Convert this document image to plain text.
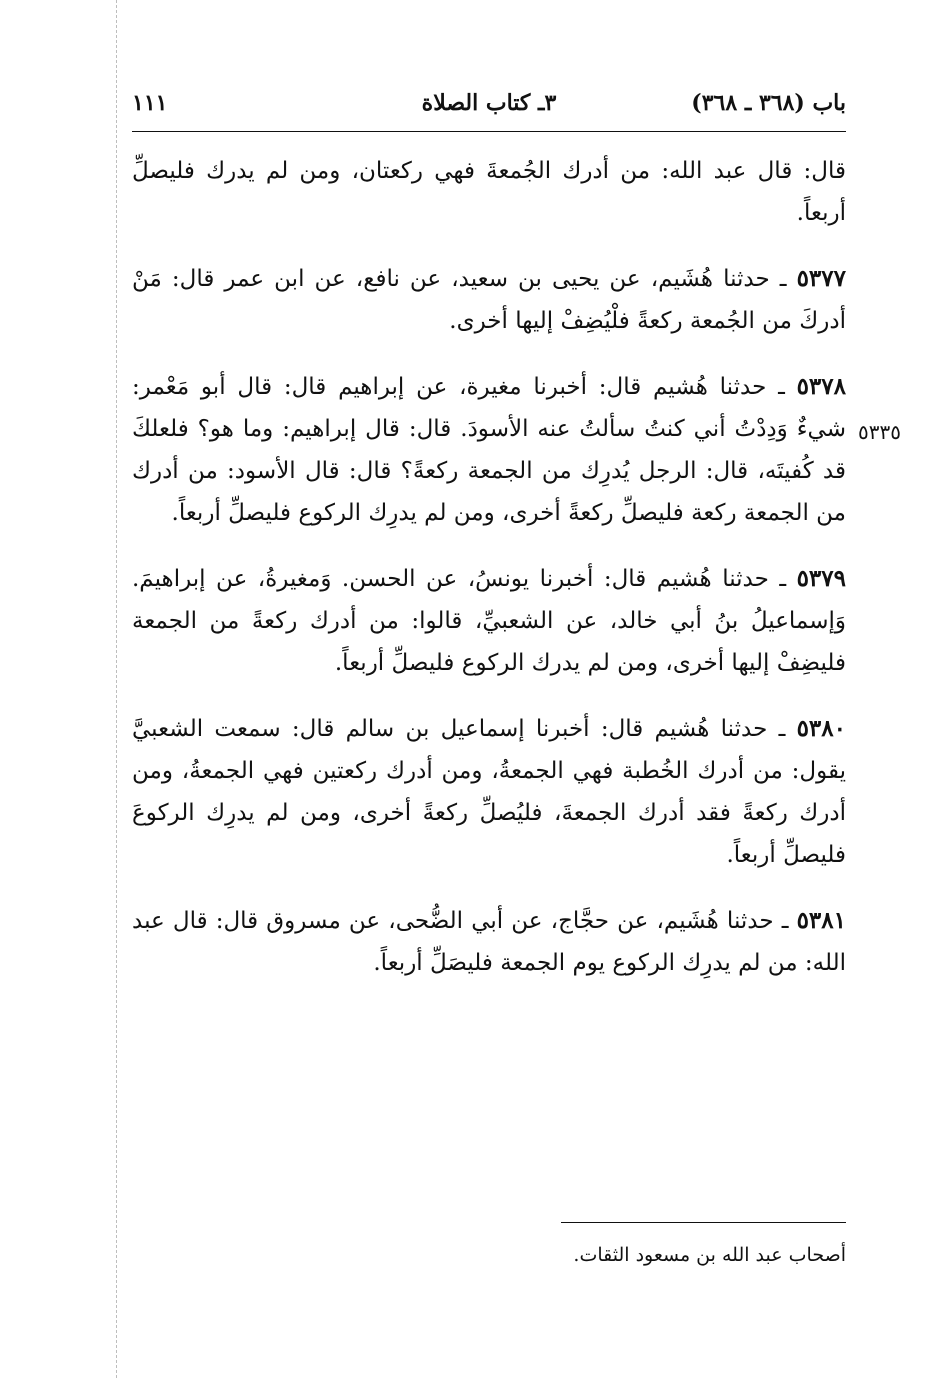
باب (٣٦٨ ـ ٣٦٨)
٣ـ كتاب الصلاة
١١١

قال: قال عبد الله: من أدرك الجُمعةَ فهي ركعتان، ومن لم يدرك فليصلِّ أربعاً.

٥٣٧٧ ـ حدثنا هُشَيم، عن يحيى بن سعيد، عن نافع، عن ابن عمر قال: مَنْ أدركَ من الجُمعة ركعةً فلْيُضِفْ إليها أخرى.

٥٣٧٨ ـ حدثنا هُشيم قال: أخبرنا مغيرة، عن إبراهيم قال: قال أبو مَعْمر: شيءٌ وَدِدْتُ أني كنتُ سألتُ عنه الأسودَ. قال: قال إبراهيم: وما هو؟ فلعلكَ قد كُفيتَه، قال: الرجل يُدرِك من الجمعة ركعةً؟ قال: قال الأسود: من أدرك من الجمعة ركعة فليصلِّ ركعةً أخرى، ومن لم يدرِك الركوع فليصلِّ أربعاً.

٥٣٧٩ ـ حدثنا هُشيم قال: أخبرنا يونسُ، عن الحسن. وَمغيرةُ، عن إبراهيمَ. وَإسماعيلُ بنُ أبي خالد، عن الشعبيِّ، قالوا: من أدرك ركعةً من الجمعة فليضِفْ إليها أخرى، ومن لم يدرك الركوع فليصلِّ أربعاً.

٥٣٨٠ ـ حدثنا هُشيم قال: أخبرنا إسماعيل بن سالم قال: سمعت الشعبيَّ يقول: من أدرك الخُطبة فهي الجمعةُ، ومن أدرك ركعتين فهي الجمعةُ، ومن أدرك ركعةً فقد أدرك الجمعةَ، فليُصلِّ ركعةً أخرى، ومن لم يدرِك الركوعَ فليصلِّ أربعاً.

٥٣٨١ ـ حدثنا هُشَيم، عن حجَّاج، عن أبي الضُّحى، عن مسروق قال: قال عبد الله: من لم يدرِك الركوع يوم الجمعة فليصَلِّ أربعاً.

٥٣٣٥
أصحاب عبد الله بن مسعود الثقات.
